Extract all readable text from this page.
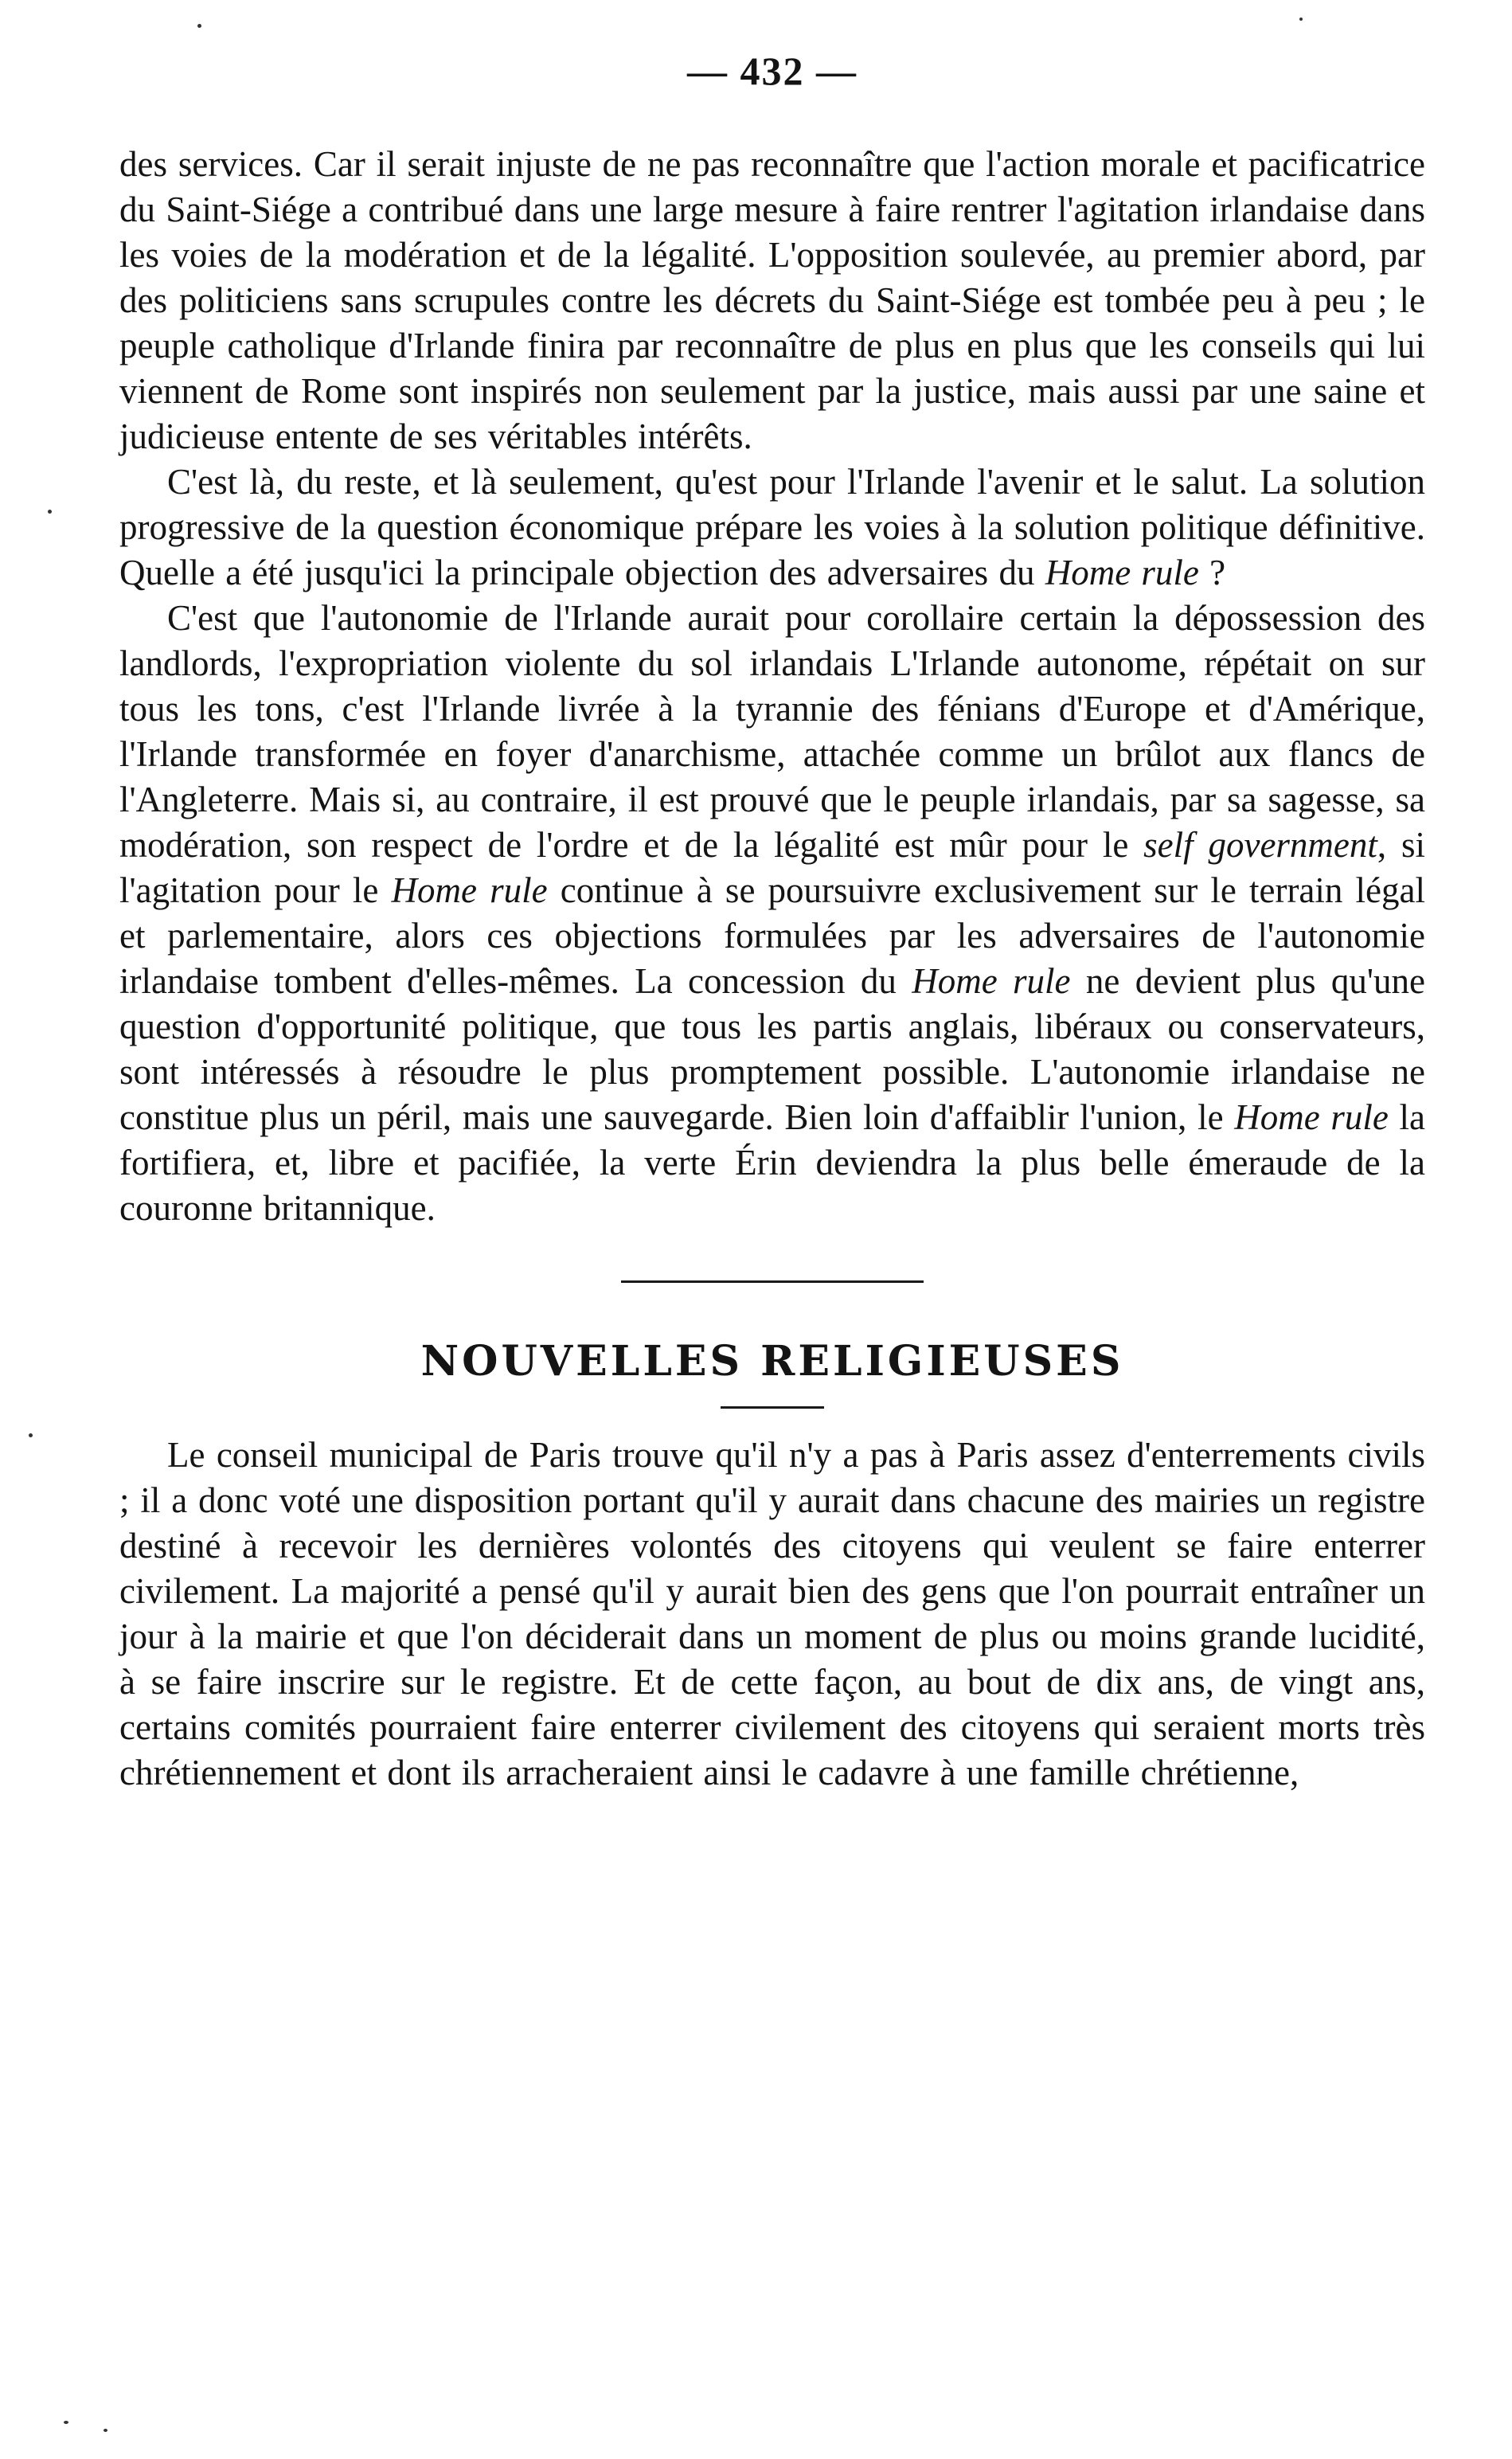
— 432 —

des services. Car il serait injuste de ne pas reconnaître que l'action morale et pacificatrice du Saint-Siége a contribué dans une large mesure à faire rentrer l'agitation irlandaise dans les voies de la modération et de la légalité. L'opposition soulevée, au premier abord, par des politiciens sans scrupules contre les décrets du Saint-Siége est tombée peu à peu ; le peuple catholique d'Irlande finira par reconnaître de plus en plus que les conseils qui lui viennent de Rome sont inspirés non seulement par la justice, mais aussi par une saine et judicieuse entente de ses véritables intérêts.

C'est là, du reste, et là seulement, qu'est pour l'Irlande l'avenir et le salut. La solution progressive de la question économique prépare les voies à la solution politique définitive. Quelle a été jusqu'ici la principale objection des adversaires du Home rule ?

C'est que l'autonomie de l'Irlande aurait pour corollaire certain la dépossession des landlords, l'expropriation violente du sol irlandais L'Irlande autonome, répétait on sur tous les tons, c'est l'Irlande livrée à la tyrannie des fénians d'Europe et d'Amérique, l'Irlande transformée en foyer d'anarchisme, attachée comme un brûlot aux flancs de l'Angleterre. Mais si, au contraire, il est prouvé que le peuple irlandais, par sa sagesse, sa modération, son respect de l'ordre et de la légalité est mûr pour le self government, si l'agitation pour le Home rule continue à se poursuivre exclusivement sur le terrain légal et parlementaire, alors ces objections formulées par les adversaires de l'autonomie irlandaise tombent d'elles-mêmes. La concession du Home rule ne devient plus qu'une question d'opportunité politique, que tous les partis anglais, libéraux ou conservateurs, sont intéressés à résoudre le plus promptement possible. L'autonomie irlandaise ne constitue plus un péril, mais une sauvegarde. Bien loin d'affaiblir l'union, le Home rule la fortifiera, et, libre et pacifiée, la verte Érin deviendra la plus belle émeraude de la couronne britannique.

NOUVELLES RELIGIEUSES

Le conseil municipal de Paris trouve qu'il n'y a pas à Paris assez d'enterrements civils ; il a donc voté une disposition portant qu'il y aurait dans chacune des mairies un registre destiné à recevoir les dernières volontés des citoyens qui veulent se faire enterrer civilement. La majorité a pensé qu'il y aurait bien des gens que l'on pourrait entraîner un jour à la mairie et que l'on déciderait dans un moment de plus ou moins grande lucidité, à se faire inscrire sur le registre. Et de cette façon, au bout de dix ans, de vingt ans, certains comités pourraient faire enterrer civilement des citoyens qui seraient morts très chrétiennement et dont ils arracheraient ainsi le cadavre à une famille chrétienne,
